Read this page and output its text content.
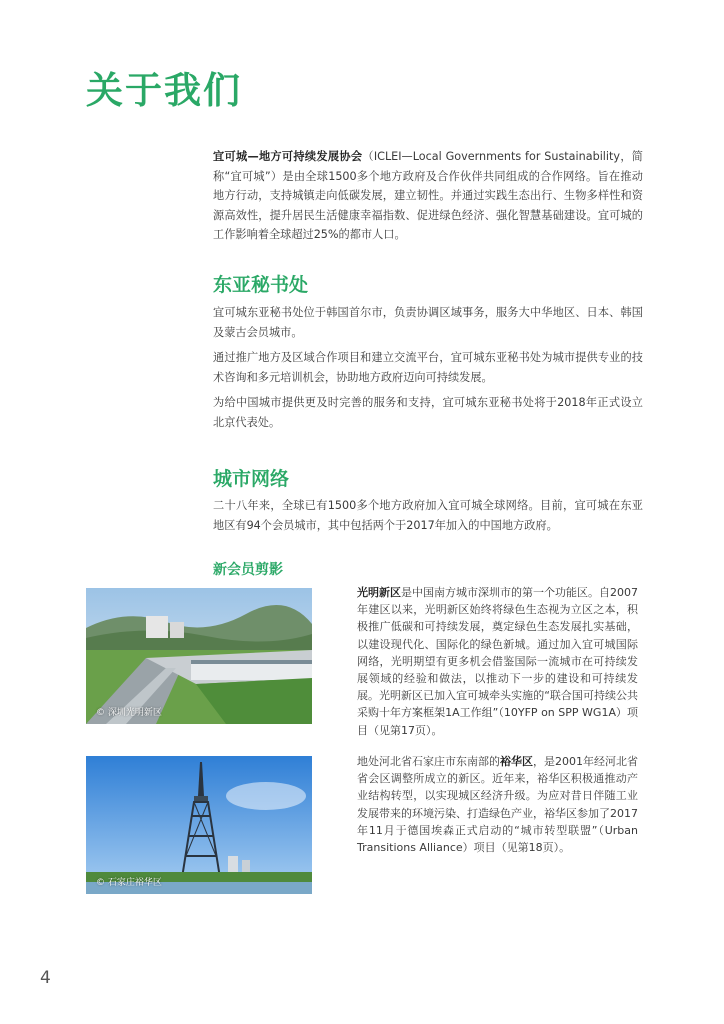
关于我们

宜可城—地方可持续发展协会（ICLEI—Local Governments for Sustainability，简称“宜可城”）是由全球1500多个地方政府及合作伙伴共同组成的合作网络。旨在推动地方行动，支持城镇走向低碳发展，建立韧性。并通过实践生态出行、生物多样性和资源高效性，提升居民生活健康幸福指数、促进绿色经济、强化智慧基础建设。宜可城的工作影响着全球超过25%的都市人口。

东亚秘书处

宜可城东亚秘书处位于韩国首尔市，负责协调区域事务，服务大中华地区、日本、韩国及蒙古会员城市。

通过推广地方及区域合作项目和建立交流平台，宜可城东亚秘书处为城市提供专业的技术咨询和多元培训机会，协助地方政府迈向可持续发展。

为给中国城市提供更及时完善的服务和支持，宜可城东亚秘书处将于2018年正式设立北京代表处。

城市网络

二十八年来，全球已有1500多个地方政府加入宜可城全球网络。目前，宜可城在东亚地区有94个会员城市，其中包括两个于2017年加入的中国地方政府。

新会员剪影
© 深圳光明新区

光明新区是中国南方城市深圳市的第一个功能区。自2007年建区以来，光明新区始终将绿色生态视为立区之本，积极推广低碳和可持续发展，奠定绿色生态发展扎实基础，以建设现代化、国际化的绿色新城。通过加入宜可城国际网络，光明期望有更多机会借鉴国际一流城市在可持续发展领域的经验和做法，以推动下一步的建设和可持续发展。光明新区已加入宜可城牵头实施的“联合国可持续公共采购十年方案框架1A工作组”（10YFP on SPP WG1A）项目（见第17页）。

© 石家庄裕华区

地处河北省石家庄市东南部的裕华区，是2001年经河北省省会区调整所成立的新区。近年来，裕华区积极通推动产业结构转型，以实现城区经济升级。为应对昔日伴随工业发展带来的环境污染、打造绿色产业，裕华区参加了2017年11月于德国埃森正式启动的“城市转型联盟”（Urban Transitions Alliance）项目（见第18页）。

4
